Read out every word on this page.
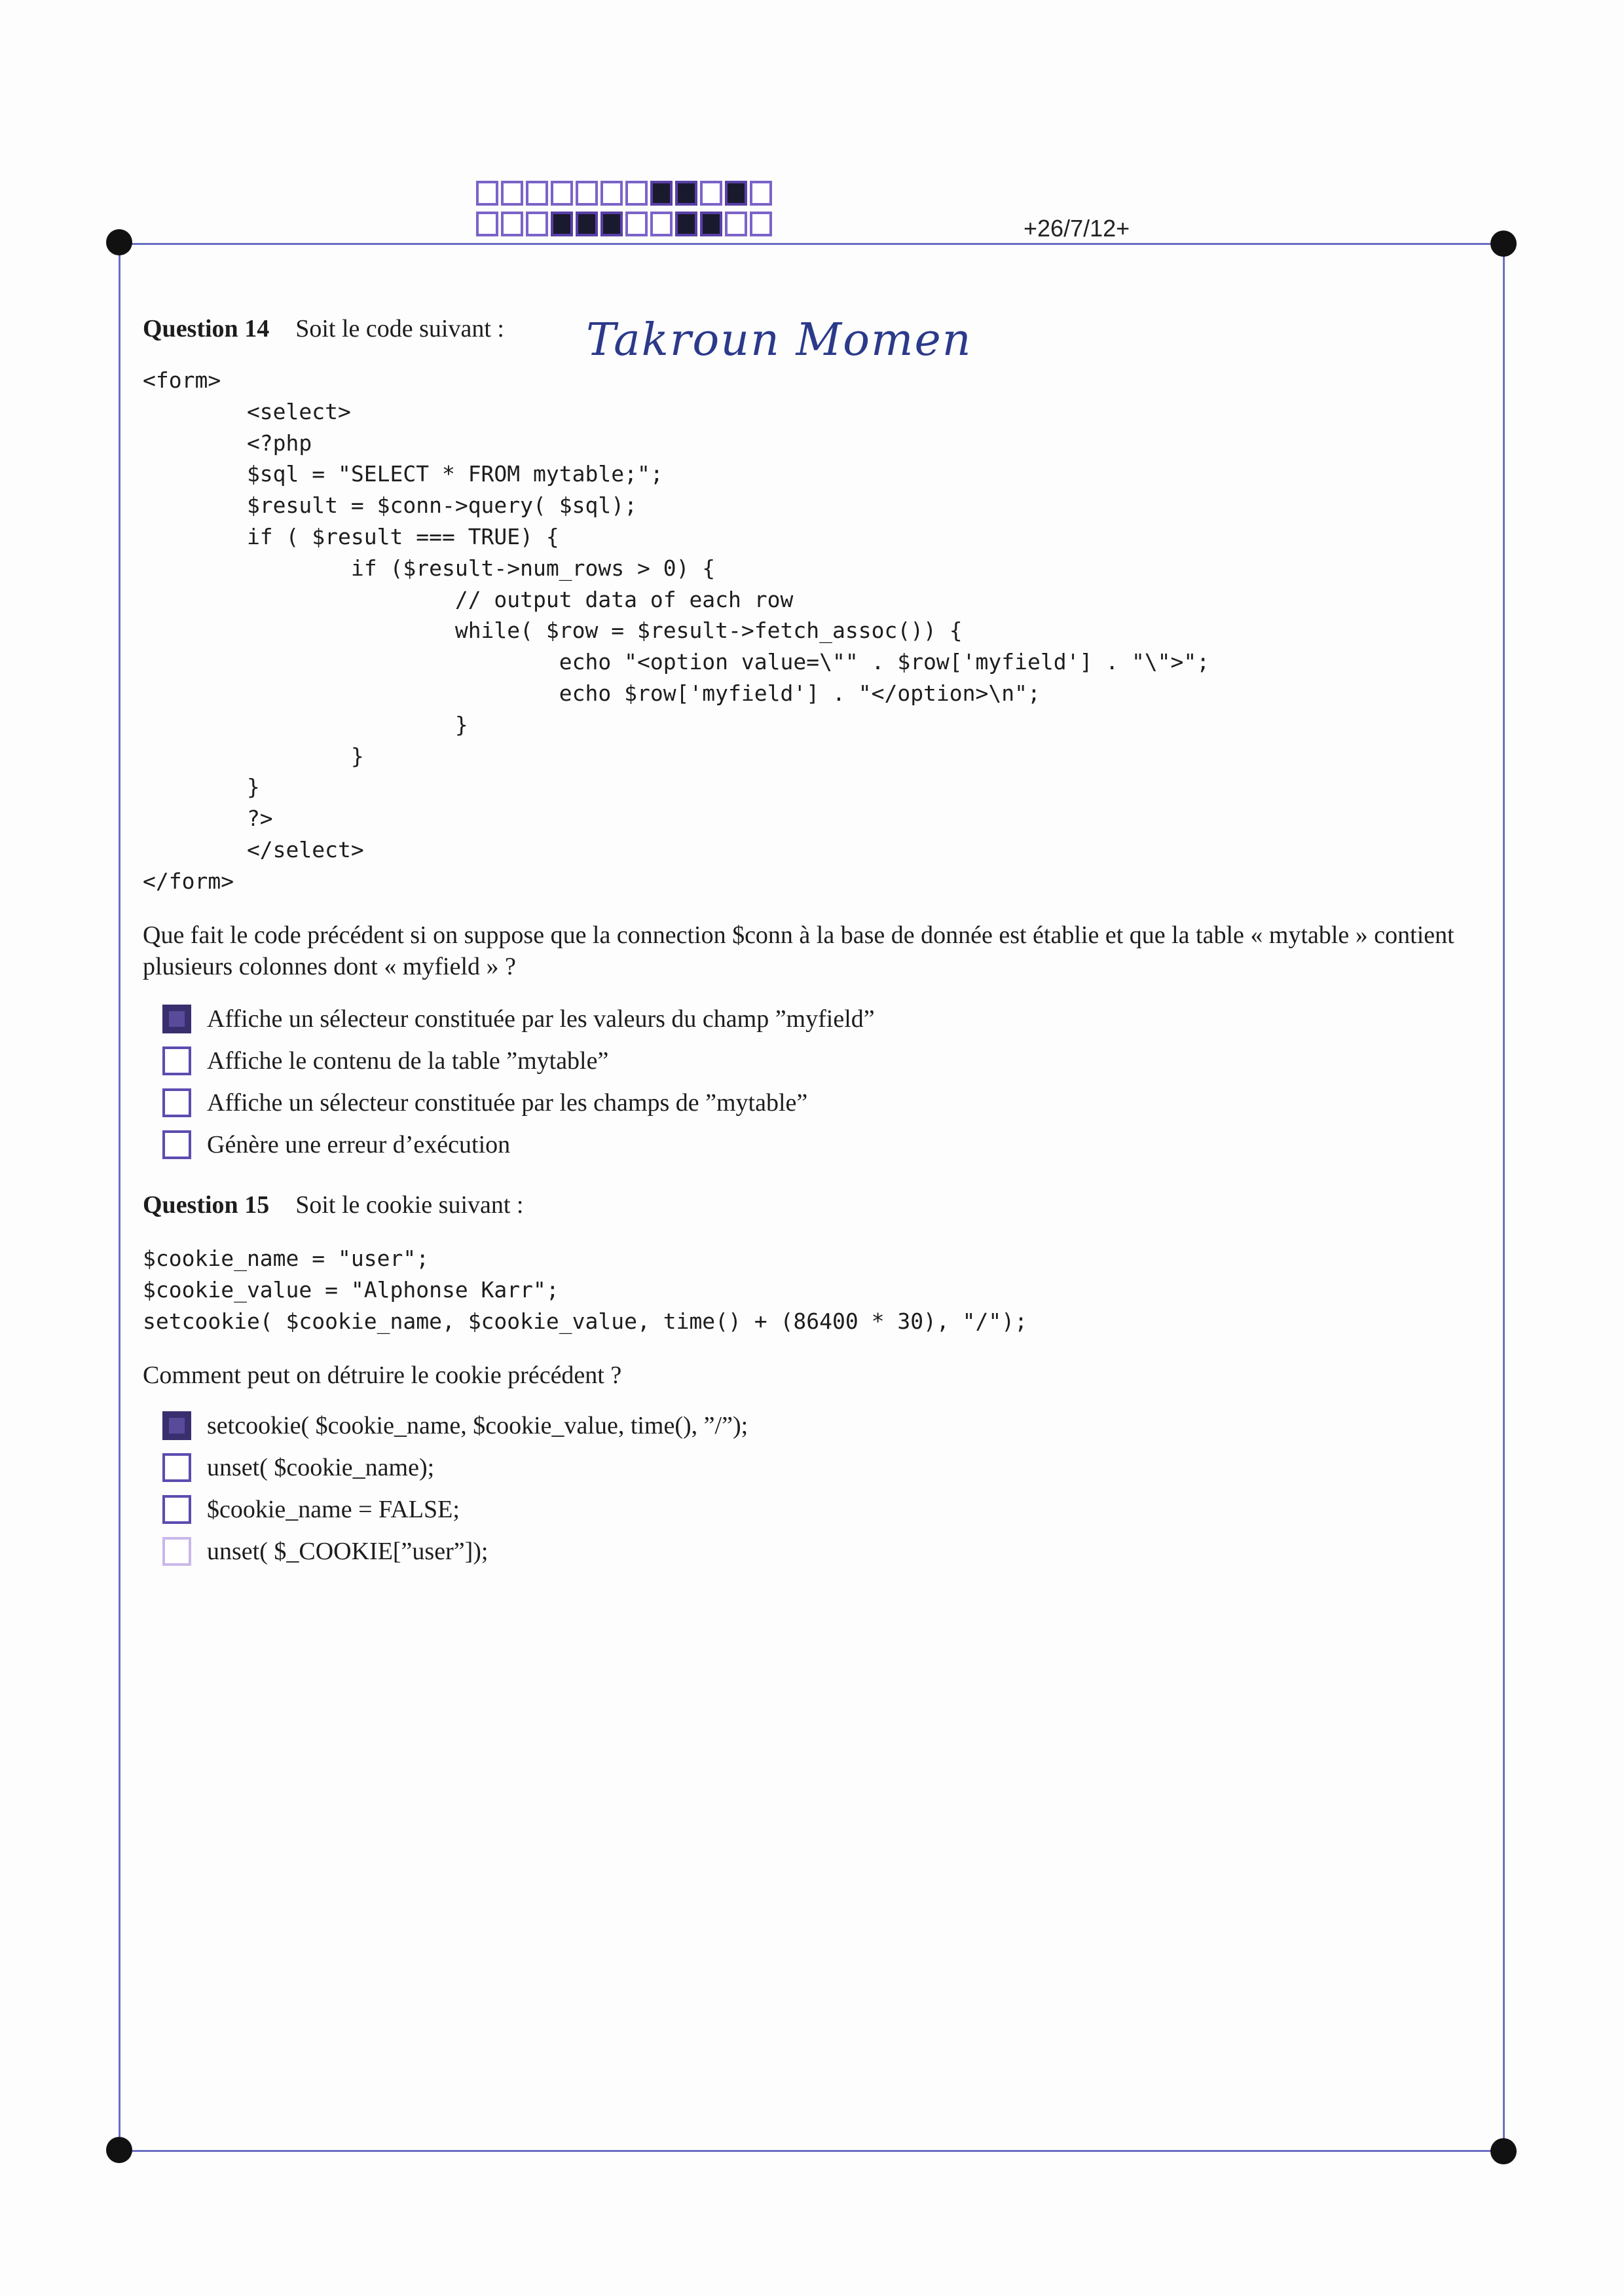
+26/7/12+
Takroun Momen
Question 14 Soit le code suivant :
<form>
<select>
<?php
$sql = "SELECT * FROM mytable;";
$result = $conn->query( $sql);
if ( $result === TRUE) {
if ($result->num_rows > 0) {
// output data of each row
while( $row = $result->fetch_assoc()) {
echo "<option value=\"" . $row['myfield'] . "\">";
echo $row['myfield'] . "</option>\n";
}
}
}
?>
</select>
</form>
Que fait le code précédent si on suppose que la connection $conn à la base de donnée est établie et que la table « mytable » contient plusieurs colonnes dont « myfield » ?
Affiche un sélecteur constituée par les valeurs du champ ”myfield”
Affiche le contenu de la table ”mytable”
Affiche un sélecteur constituée par les champs de ”mytable”
Génère une erreur d’exécution
Question 15 Soit le cookie suivant :
$cookie_name = "user";
$cookie_value = "Alphonse Karr";
setcookie( $cookie_name, $cookie_value, time() + (86400 * 30), "/");
Comment peut on détruire le cookie précédent ?
setcookie( $cookie_name, $cookie_value, time(), ”/”);
unset( $cookie_name);
$cookie_name = FALSE;
unset( $_COOKIE[”user”]);
